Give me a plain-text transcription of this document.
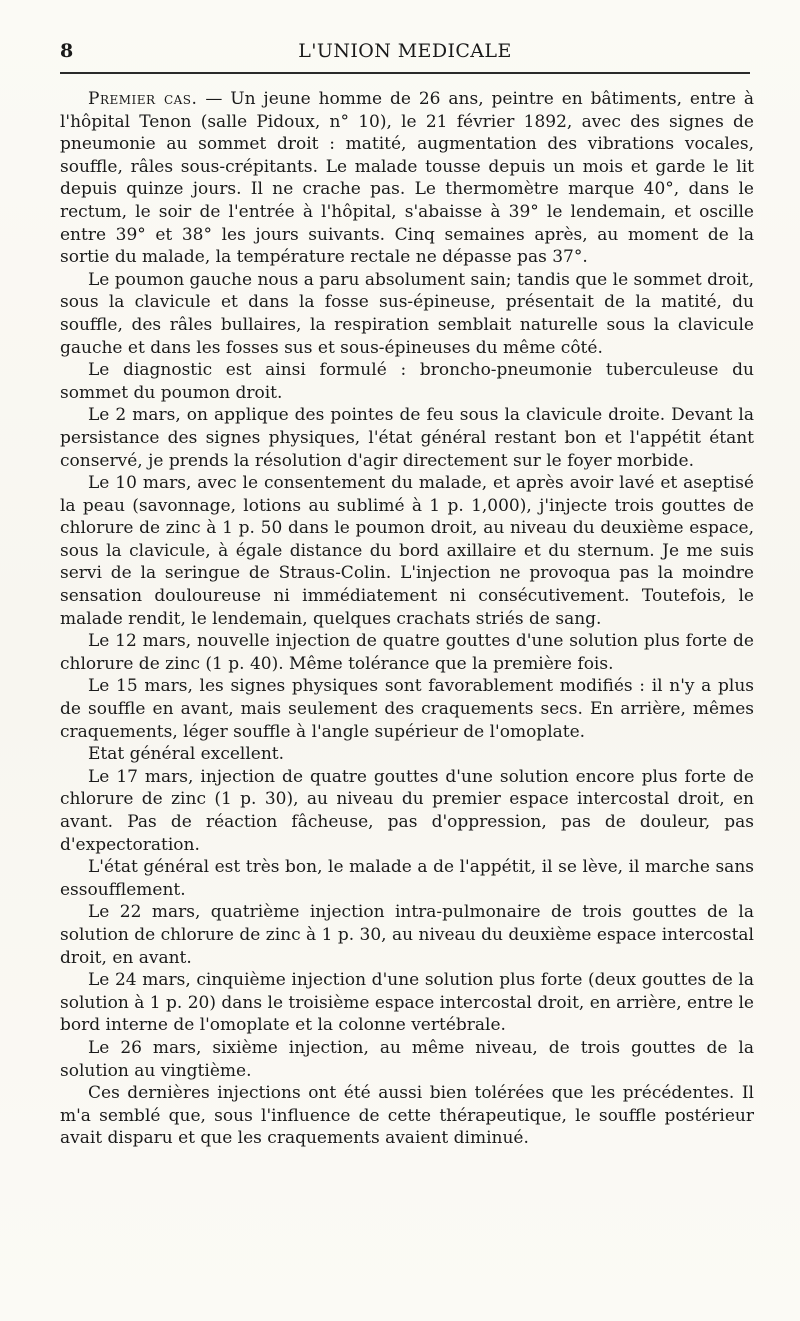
8	L'UNION MEDICALE

Premier cas. — Un jeune homme de 26 ans, peintre en bâtiments, entre à l'hôpital Tenon (salle Pidoux, n° 10), le 21 février 1892, avec des signes de pneumonie au sommet droit : matité, augmentation des vibrations vocales, souffle, râles sous-crépitants. Le malade tousse depuis un mois et garde le lit depuis quinze jours. Il ne crache pas. Le thermomètre marque 40°, dans le rectum, le soir de l'entrée à l'hôpital, s'abaisse à 39° le lendemain, et oscille entre 39° et 38° les jours suivants. Cinq semaines après, au moment de la sortie du malade, la température rectale ne dépasse pas 37°.

Le poumon gauche nous a paru absolument sain; tandis que le sommet droit, sous la clavicule et dans la fosse sus-épineuse, présentait de la matité, du souffle, des râles bullaires, la respiration semblait naturelle sous la clavicule gauche et dans les fosses sus et sous-épineuses du même côté.

Le diagnostic est ainsi formulé : broncho-pneumonie tuberculeuse du sommet du poumon droit.

Le 2 mars, on applique des pointes de feu sous la clavicule droite. Devant la persistance des signes physiques, l'état général restant bon et l'appétit étant conservé, je prends la résolution d'agir directement sur le foyer morbide.

Le 10 mars, avec le consentement du malade, et après avoir lavé et aseptisé la peau (savonnage, lotions au sublimé à 1 p. 1,000), j'injecte trois gouttes de chlorure de zinc à 1 p. 50 dans le poumon droit, au niveau du deuxième espace, sous la clavicule, à égale distance du bord axillaire et du sternum. Je me suis servi de la seringue de Straus-Colin. L'injection ne provoqua pas la moindre sensation douloureuse ni immédiatement ni consécutivement. Toutefois, le malade rendit, le lendemain, quelques crachats striés de sang.

Le 12 mars, nouvelle injection de quatre gouttes d'une solution plus forte de chlorure de zinc (1 p. 40). Même tolérance que la première fois.

Le 15 mars, les signes physiques sont favorablement modifiés : il n'y a plus de souffle en avant, mais seulement des craquements secs. En arrière, mêmes craquements, léger souffle à l'angle supérieur de l'omoplate.

Etat général excellent.

Le 17 mars, injection de quatre gouttes d'une solution encore plus forte de chlorure de zinc (1 p. 30), au niveau du premier espace intercostal droit, en avant. Pas de réaction fâcheuse, pas d'oppression, pas de douleur, pas d'expectoration.

L'état général est très bon, le malade a de l'appétit, il se lève, il marche sans essoufflement.

Le 22 mars, quatrième injection intra-pulmonaire de trois gouttes de la solution de chlorure de zinc à 1 p. 30, au niveau du deuxième espace intercostal droit, en avant.

Le 24 mars, cinquième injection d'une solution plus forte (deux gouttes de la solution à 1 p. 20) dans le troisième espace intercostal droit, en arrière, entre le bord interne de l'omoplate et la colonne vertébrale.

Le 26 mars, sixième injection, au même niveau, de trois gouttes de la solution au vingtième.

Ces dernières injections ont été aussi bien tolérées que les précédentes. Il m'a semblé que, sous l'influence de cette thérapeutique, le souffle postérieur avait disparu et que les craquements avaient diminué.
